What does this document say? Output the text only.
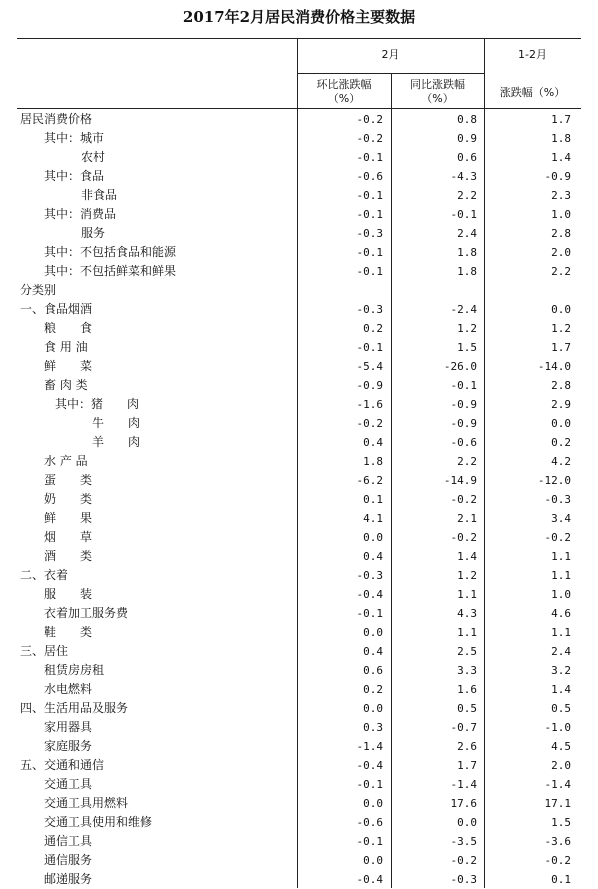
2017年2月居民消费价格主要数据
2月	1-2月
环比涨跌幅
（%）
同比涨跌幅
（%）	涨跌幅（%）
居民消费价格	-0.2	0.8	1.7
其中：城市	-0.2	0.9	1.8
农村	-0.1	0.6	1.4
其中：食品	-0.6	-4.3	-0.9
非食品	-0.1	2.2	2.3
其中：消费品	-0.1	-0.1	1.0
服务	-0.3	2.4	2.8
其中：不包括食品和能源	-0.1	1.8	2.0
其中：不包括鲜菜和鲜果	-0.1	1.8	2.2
分类别
一、食品烟酒	-0.3	-2.4	0.0
粮　　食	0.2	1.2	1.2
食 用 油	-0.1	1.5	1.7
鲜　　菜	-5.4	-26.0	-14.0
畜 肉 类	-0.9	-0.1	2.8
其中：猪　　肉	-1.6	-0.9	2.9
牛　　肉	-0.2	-0.9	0.0
羊　　肉	0.4	-0.6	0.2
水 产 品	1.8	2.2	4.2
蛋　　类	-6.2	-14.9	-12.0
奶　　类	0.1	-0.2	-0.3
鲜　　果	4.1	2.1	3.4
烟　　草	0.0	-0.2	-0.2
酒　　类	0.4	1.4	1.1
二、衣着	-0.3	1.2	1.1
服　　装	-0.4	1.1	1.0
衣着加工服务费	-0.1	4.3	4.6
鞋　　类	0.0	1.1	1.1
三、居住	0.4	2.5	2.4
租赁房房租	0.6	3.3	3.2
水电燃料	0.2	1.6	1.4
四、生活用品及服务	0.0	0.5	0.5
家用器具	0.3	-0.7	-1.0
家庭服务	-1.4	2.6	4.5
五、交通和通信	-0.4	1.7	2.0
交通工具	-0.1	-1.4	-1.4
交通工具用燃料	0.0	17.6	17.1
交通工具使用和维修	-0.6	0.0	1.5
通信工具	-0.1	-3.5	-3.6
通信服务	0.0	-0.2	-0.2
邮递服务	-0.4	-0.3	0.1
